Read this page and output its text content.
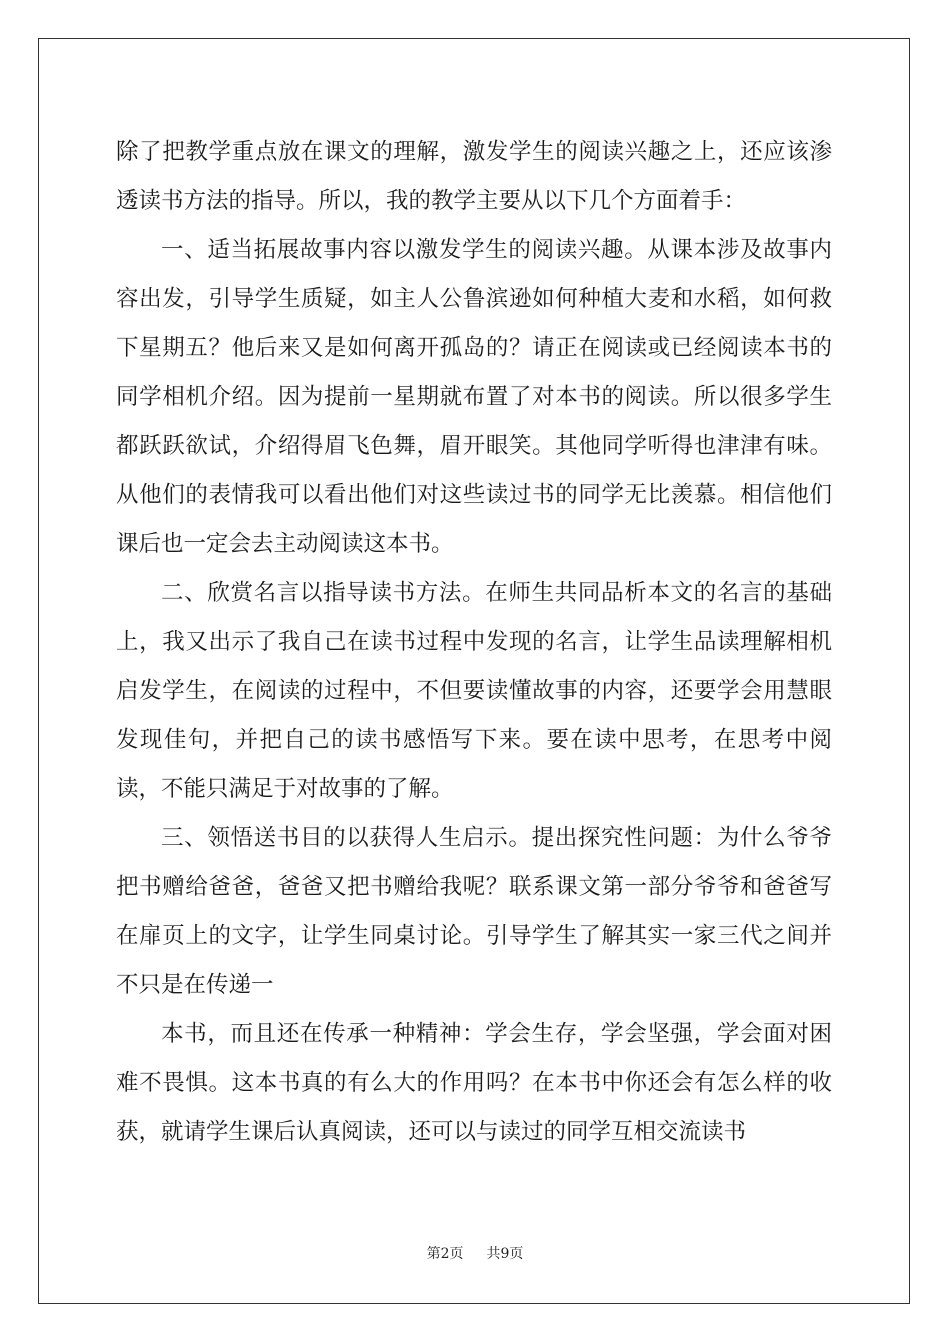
除了把教学重点放在课文的理解，激发学生的阅读兴趣之上，还应该渗透读书方法的指导。所以，我的教学主要从以下几个方面着手：

一、适当拓展故事内容以激发学生的阅读兴趣。从课本涉及故事内容出发，引导学生质疑，如主人公鲁滨逊如何种植大麦和水稻，如何救下星期五？他后来又是如何离开孤岛的？请正在阅读或已经阅读本书的同学相机介绍。因为提前一星期就布置了对本书的阅读。所以很多学生都跃跃欲试，介绍得眉飞色舞，眉开眼笑。其他同学听得也津津有味。从他们的表情我可以看出他们对这些读过书的同学无比羡慕。相信他们课后也一定会去主动阅读这本书。

二、欣赏名言以指导读书方法。在师生共同品析本文的名言的基础上，我又出示了我自己在读书过程中发现的名言，让学生品读理解相机启发学生，在阅读的过程中，不但要读懂故事的内容，还要学会用慧眼发现佳句，并把自己的读书感悟写下来。要在读中思考，在思考中阅读，不能只满足于对故事的了解。

三、领悟送书目的以获得人生启示。提出探究性问题：为什么爷爷把书赠给爸爸，爸爸又把书赠给我呢？联系课文第一部分爷爷和爸爸写在扉页上的文字，让学生同桌讨论。引导学生了解其实一家三代之间并不只是在传递一

本书，而且还在传承一种精神：学会生存，学会坚强，学会面对困难不畏惧。这本书真的有么大的作用吗？在本书中你还会有怎么样的收获，就请学生课后认真阅读，还可以与读过的同学互相交流读书

第2页 共9页
